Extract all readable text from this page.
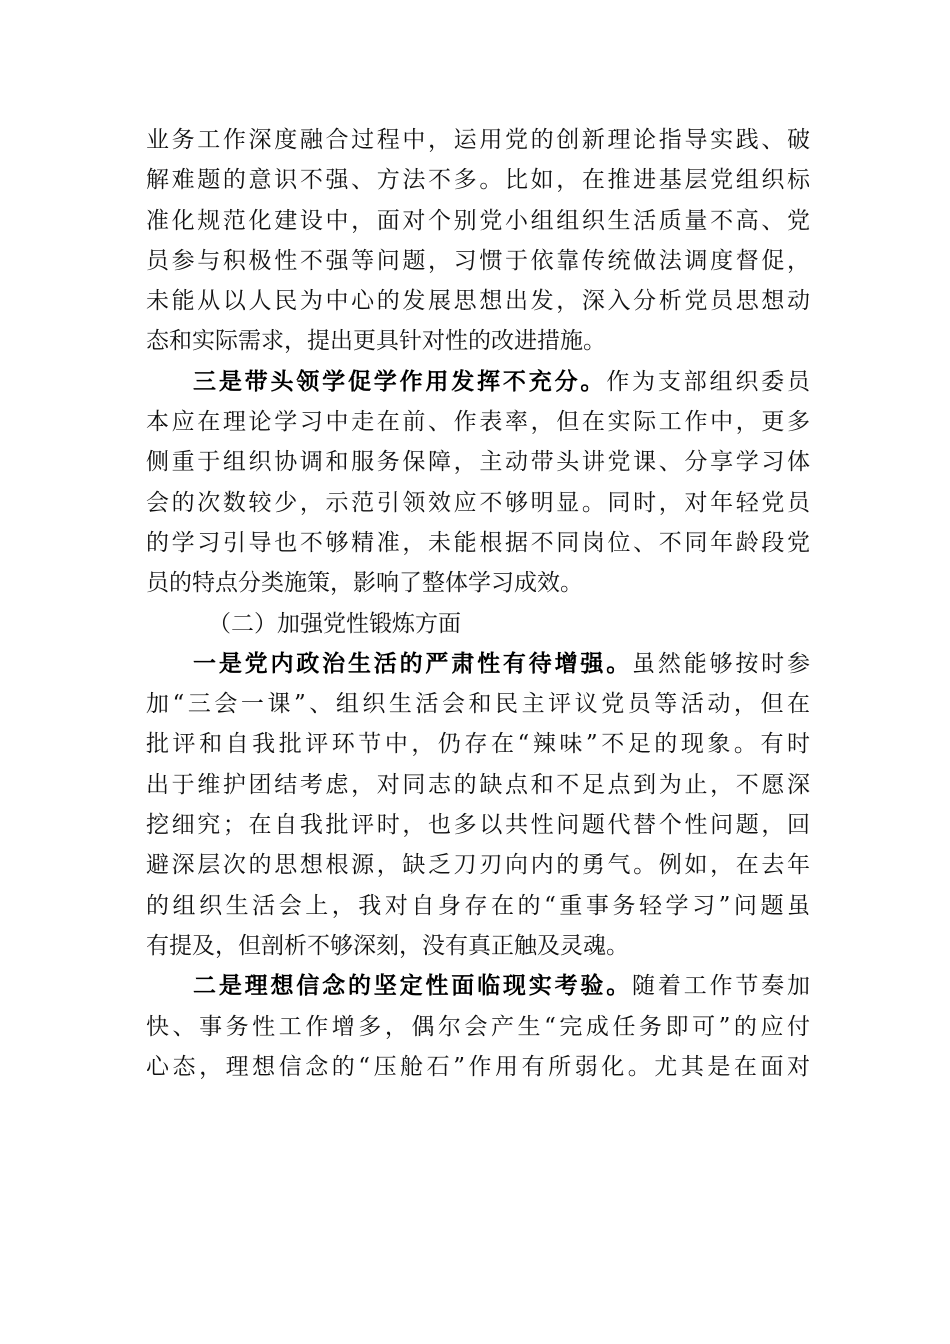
业务工作深度融合过程中，运用党的创新理论指导实践、破
解难题的意识不强、方法不多。比如，在推进基层党组织标
准化规范化建设中，面对个别党小组组织生活质量不高、党
员参与积极性不强等问题，习惯于依靠传统做法调度督促，
未能从以人民为中心的发展思想出发，深入分析党员思想动
态和实际需求，提出更具针对性的改进措施。
三是带头领学促学作用发挥不充分。作为支部组织委员
本应在理论学习中走在前、作表率，但在实际工作中，更多
侧重于组织协调和服务保障，主动带头讲党课、分享学习体
会的次数较少，示范引领效应不够明显。同时，对年轻党员
的学习引导也不够精准，未能根据不同岗位、不同年龄段党
员的特点分类施策，影响了整体学习成效。
（二）加强党性锻炼方面
一是党内政治生活的严肃性有待增强。虽然能够按时参
加“三会一课”、组织生活会和民主评议党员等活动，但在
批评和自我批评环节中，仍存在“辣味”不足的现象。有时
出于维护团结考虑，对同志的缺点和不足点到为止，不愿深
挖细究；在自我批评时，也多以共性问题代替个性问题，回
避深层次的思想根源，缺乏刀刃向内的勇气。例如，在去年
的组织生活会上，我对自身存在的“重事务轻学习”问题虽
有提及，但剖析不够深刻，没有真正触及灵魂。
二是理想信念的坚定性面临现实考验。随着工作节奏加
快、事务性工作增多，偶尔会产生“完成任务即可”的应付
心态，理想信念的“压舱石”作用有所弱化。尤其是在面对
